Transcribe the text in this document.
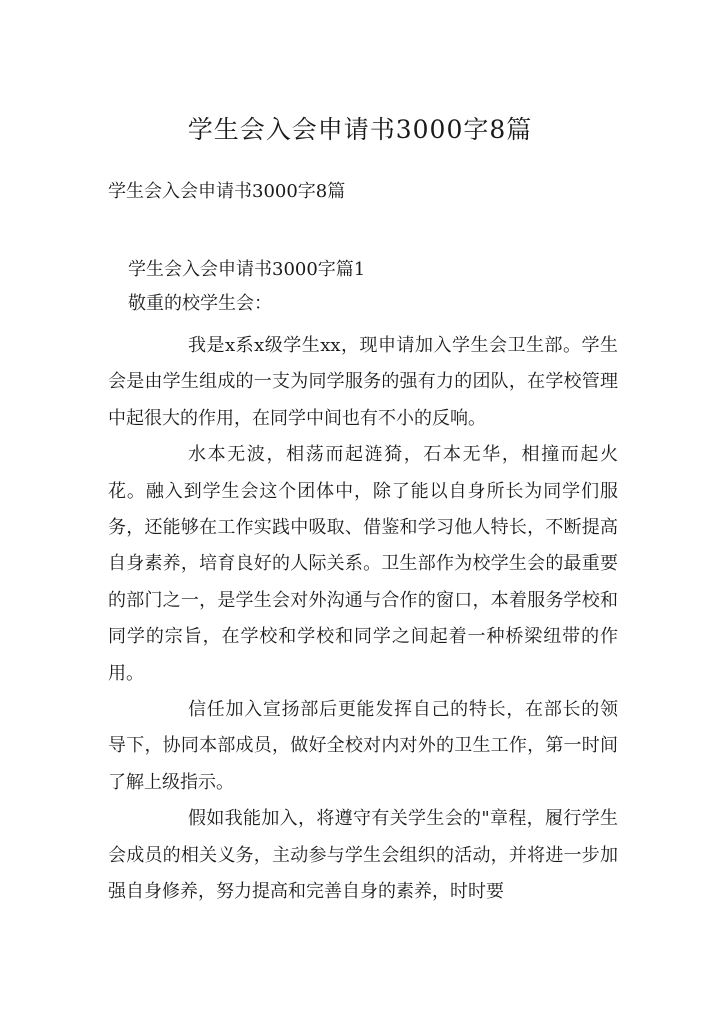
学生会入会申请书3000字8篇
学生会入会申请书3000字8篇
学生会入会申请书3000字篇1
敬重的校学生会：

我是x系x级学生xx，现申请加入学生会卫生部。学生会是由学生组成的一支为同学服务的强有力的团队，在学校管理中起很大的作用，在同学中间也有不小的反响。

水本无波，相荡而起涟猗，石本无华，相撞而起火花。融入到学生会这个团体中，除了能以自身所长为同学们服务，还能够在工作实践中吸取、借鉴和学习他人特长，不断提高自身素养，培育良好的人际关系。卫生部作为校学生会的最重要的部门之一，是学生会对外沟通与合作的窗口，本着服务学校和同学的宗旨，在学校和学校和同学之间起着一种桥梁纽带的作用。

信任加入宣扬部后更能发挥自己的特长，在部长的领导下，协同本部成员，做好全校对内对外的卫生工作，第一时间了解上级指示。

假如我能加入，将遵守有关学生会的"章程，履行学生会成员的相关义务，主动参与学生会组织的活动，并将进一步加强自身修养，努力提高和完善自身的素养，时时要
